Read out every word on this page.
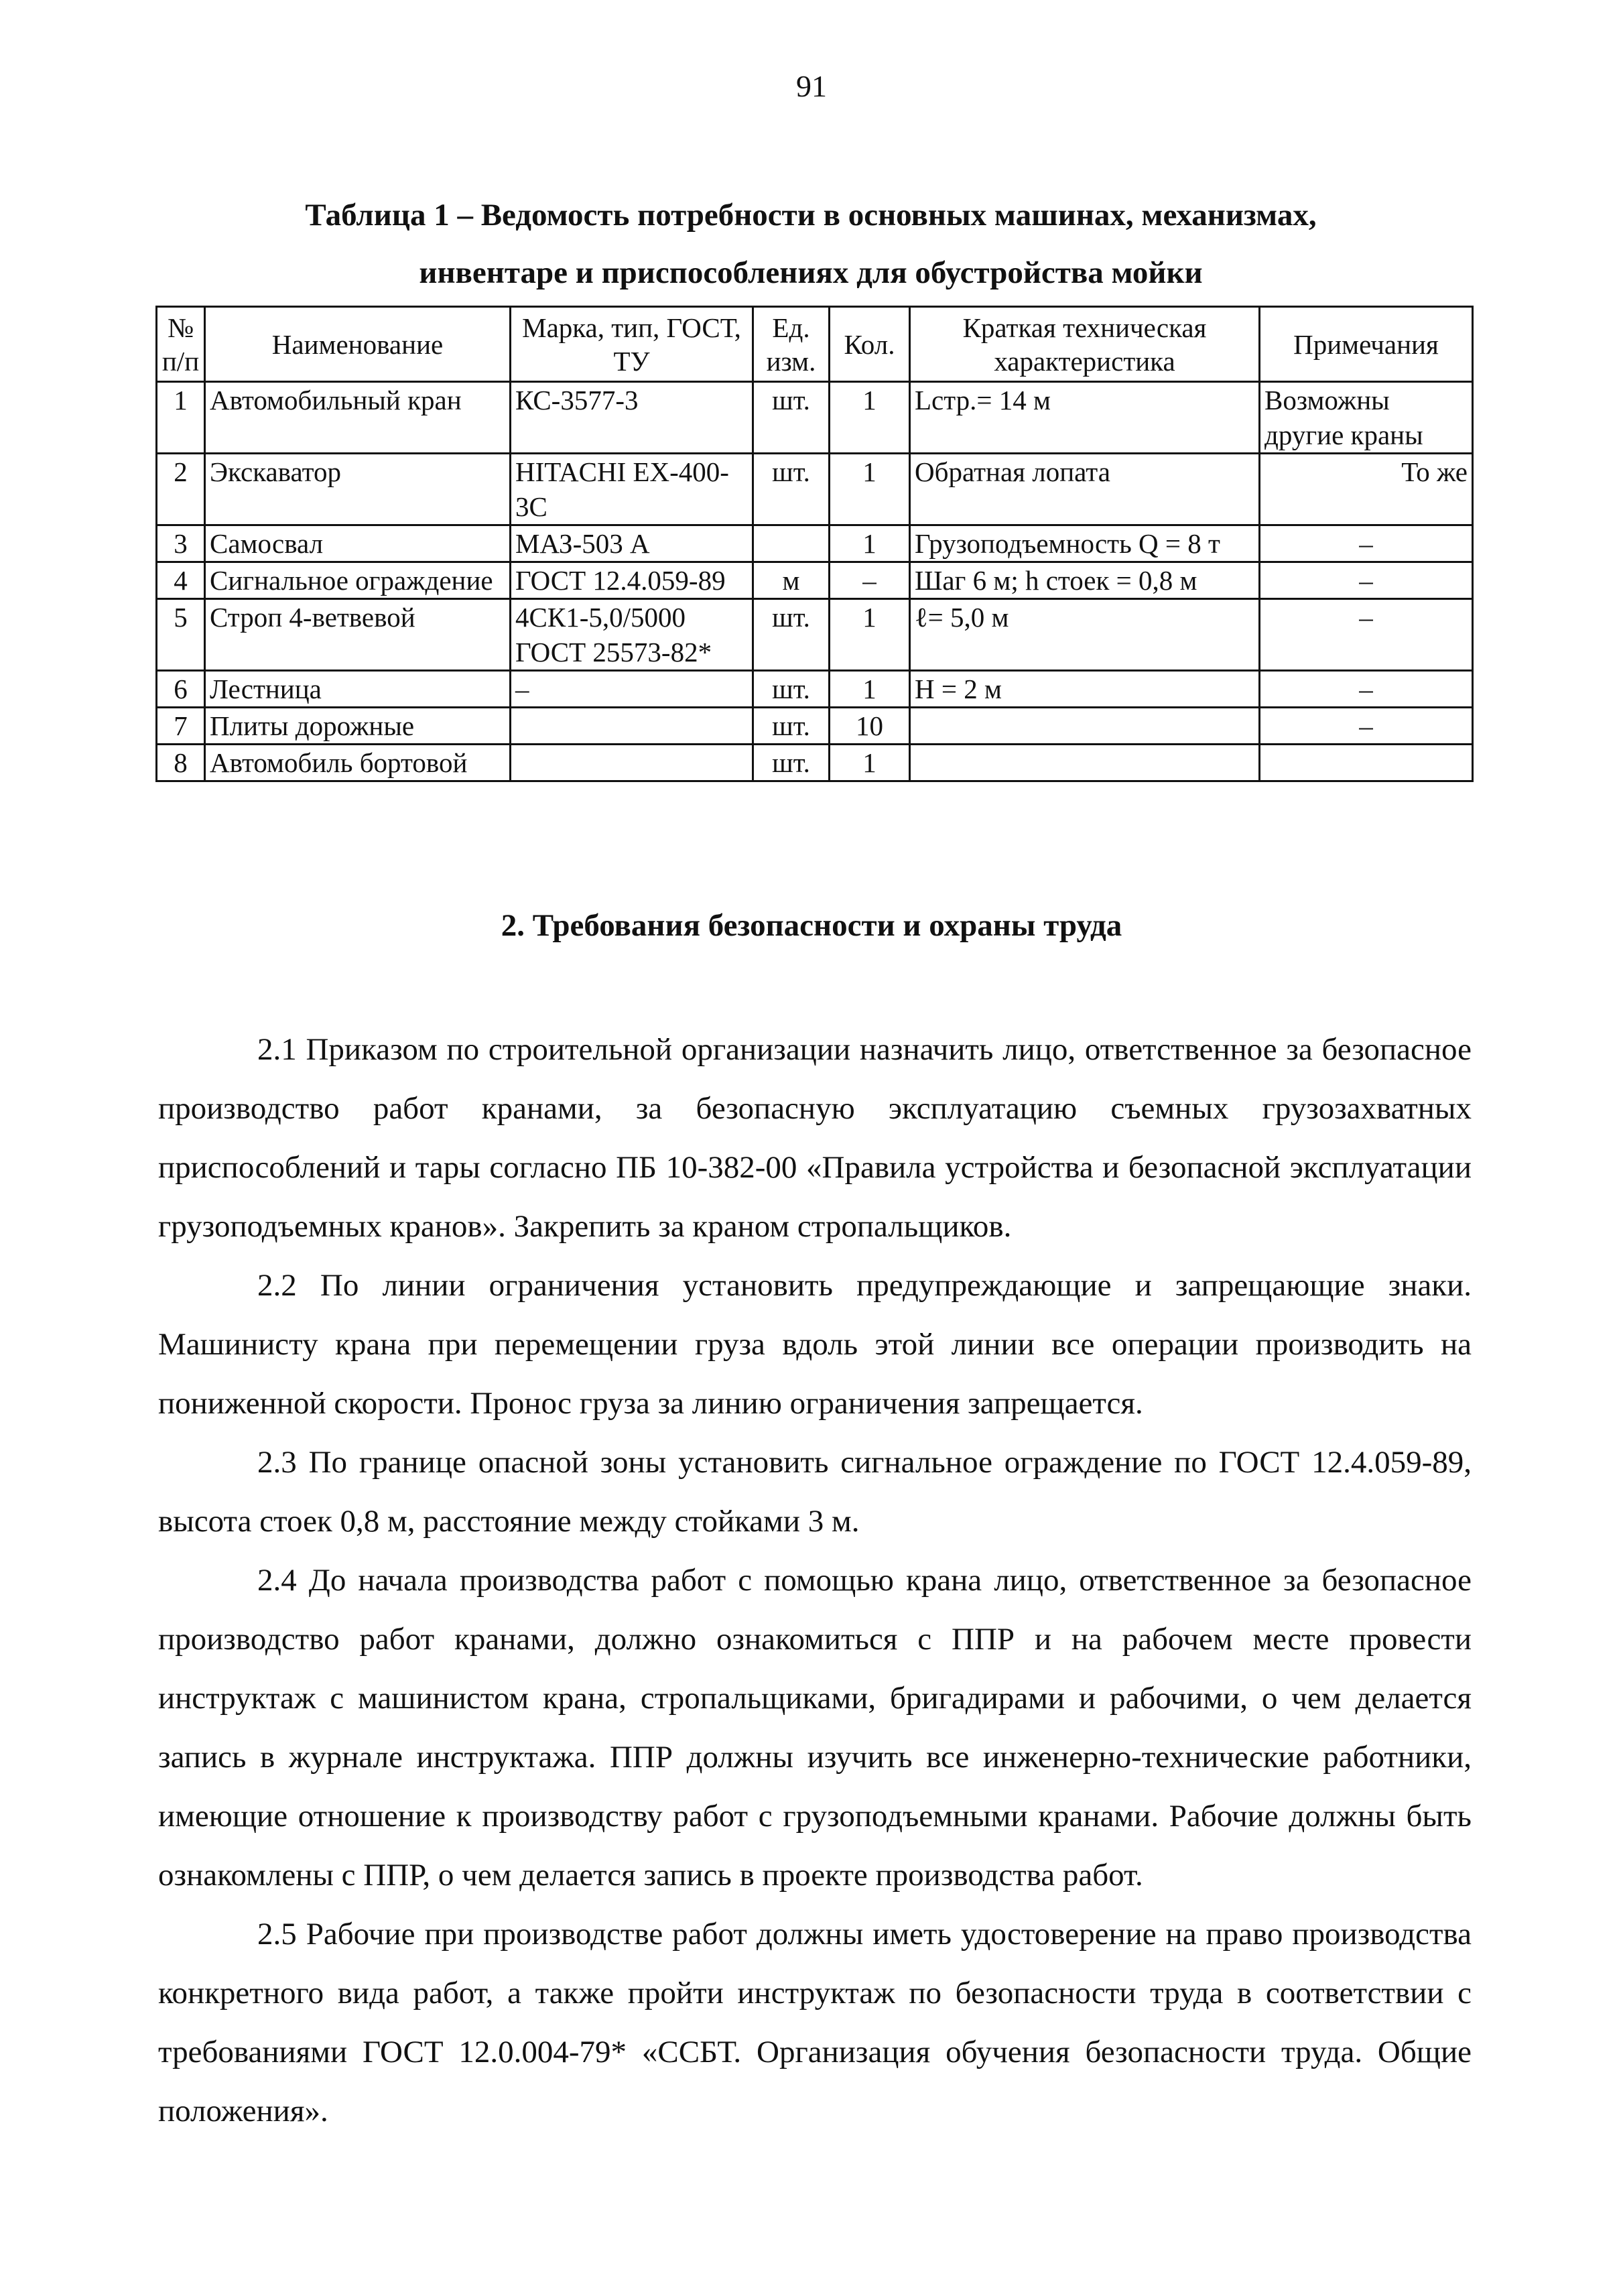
91
Таблица 1 – Ведомость потребности в основных машинах, механизмах,
инвентаре и приспособлениях для обустройства мойки
№ п/п	Наименование	Марка, тип, ГОСТ, ТУ	Ед. изм.	Кол.	Краткая техническая характеристика	Примечания
1	Автомобильный кран	КС-3577-3	шт.	1	Lстр.= 14 м	Возможны другие краны
2	Экскаватор	HITACHI ЕХ-400-3С	шт.	1	Обратная лопата	То же
3	Самосвал	МАЗ-503 А		1	Грузоподъемность Q = 8 т	–
4	Сигнальное ограждение	ГОСТ 12.4.059-89	м	–	Шаг 6 м; h стоек = 0,8 м	–
5	Строп 4-ветвевой	4СК1-5,0/5000 ГОСТ 25573-82*	шт.	1	ℓ= 5,0 м	–
6	Лестница	–	шт.	1	Н = 2 м	–
7	Плиты дорожные		шт.	10		–
8	Автомобиль бортовой		шт.	1		
2. Требования безопасности и охраны труда

2.1 Приказом по строительной организации назначить лицо, ответственное за безопасное производство работ кранами, за безопасную эксплуатацию съемных грузозахватных приспособлений и тары согласно ПБ 10-382-00 «Правила устройства и безопасной эксплуатации грузоподъемных кранов». Закрепить за краном стропальщиков.

2.2 По линии ограничения установить предупреждающие и запрещающие знаки. Машинисту крана при перемещении груза вдоль этой линии все операции производить на пониженной скорости. Пронос груза за линию ограничения запрещается.

2.3 По границе опасной зоны установить сигнальное ограждение по ГОСТ 12.4.059-89, высота стоек 0,8 м, расстояние между стойками 3 м.

2.4 До начала производства работ с помощью крана лицо, ответственное за безопасное производство работ кранами, должно ознакомиться с ППР и на рабочем месте провести инструктаж с машинистом крана, стропальщиками, бригадирами и рабочими, о чем делается запись в журнале инструктажа. ППР должны изучить все инженерно-технические работники, имеющие отношение к производству работ с грузоподъемными кранами. Рабочие должны быть ознакомлены с ППР, о чем делается запись в проекте производства работ.

2.5 Рабочие при производстве работ должны иметь удостоверение на право производства конкретного вида работ, а также пройти инструктаж по безопасности труда в соответствии с требованиями ГОСТ 12.0.004-79* «ССБТ. Организация обучения безопасности труда. Общие положения».
